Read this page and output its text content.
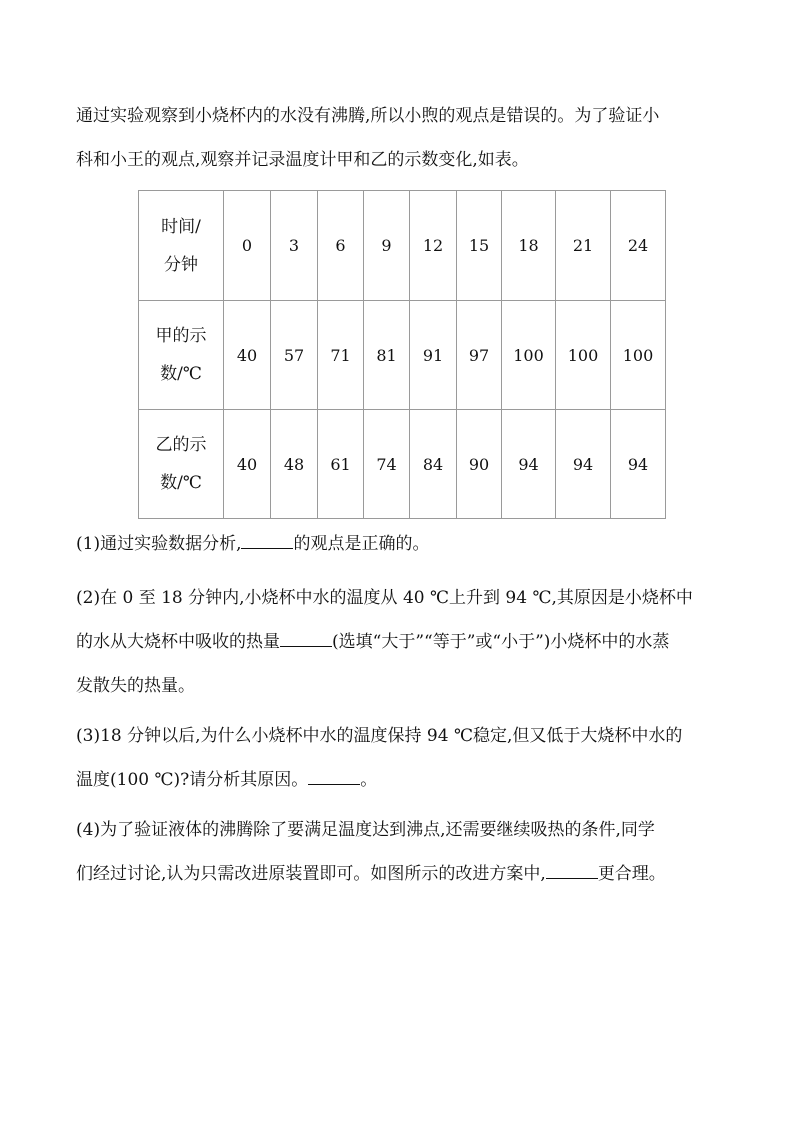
通过实验观察到小烧杯内的水没有沸腾,所以小煦的观点是错误的。为了验证小
科和小王的观点,观察并记录温度计甲和乙的示数变化,如表。

时间/
分钟	0	3	6	9	12	15	18	21	24

甲的示
数/℃	40	57	71	81	91	97	100	100	100

乙的示
数/℃	40	48	61	74	84	90	94	94	94

(1)通过实验数据分析,	的观点是正确的。

(2)在 0 至 18 分钟内,小烧杯中水的温度从 40 ℃上升到 94 ℃,其原因是小烧杯中
的水从大烧杯中吸收的热量	(选填“大于”“等于”或“小于”)小烧杯中的水蒸
发散失的热量。

(3)18 分钟以后,为什么小烧杯中水的温度保持 94 ℃稳定,但又低于大烧杯中水的
温度(100 ℃)?请分析其原因。	。

(4)为了验证液体的沸腾除了要满足温度达到沸点,还需要继续吸热的条件,同学
们经过讨论,认为只需改进原装置即可。如图所示的改进方案中,	更合理。
